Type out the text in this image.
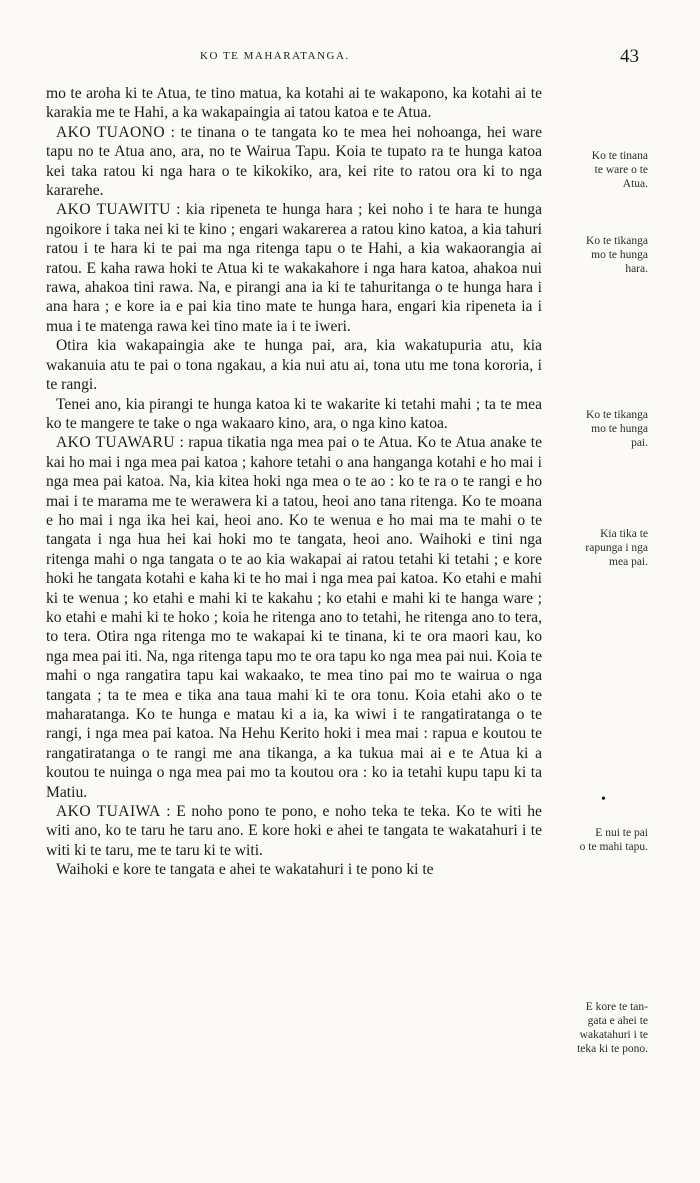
KO TE MAHARATANGA.	43

mo te aroha ki te Atua, te tino matua, ka kotahi ai te wakapono, ka kotahi ai te karakia me te Hahi, a ka wakapaingia ai tatou katoa e te Atua.

AKO TUAONO : te tinana o te tangata ko te mea hei nohoanga, hei ware tapu no te Atua ano, ara, no te Wairua Tapu. Koia te tupato ra te hunga katoa kei taka ratou ki nga hara o te kikokiko, ara, kei rite to ratou ora ki to nga kararehe.

AKO TUAWITU : kia ripeneta te hunga hara ; kei noho i te hara te hunga ngoikore i taka nei ki te kino ; engari wakarerea a ratou kino katoa, a kia tahuri ratou i te hara ki te pai ma nga ritenga tapu o te Hahi, a kia wakaorangia ai ratou. E kaha rawa hoki te Atua ki te wakakahore i nga hara katoa, ahakoa nui rawa, ahakoa tini rawa. Na, e pirangi ana ia ki te tahuritanga o te hunga hara i ana hara ; e kore ia e pai kia tino mate te hunga hara, engari kia ripeneta ia i mua i te matenga rawa kei tino mate ia i te iweri.

Otira kia wakapaingia ake te hunga pai, ara, kia wakatupuria atu, kia wakanuia atu te pai o tona ngakau, a kia nui atu ai, tona utu me tona kororia, i te rangi.

Tenei ano, kia pirangi te hunga katoa ki te wakarite ki tetahi mahi ; ta te mea ko te mangere te take o nga wakaaro kino, ara, o nga kino katoa.

AKO TUAWARU : rapua tikatia nga mea pai o te Atua. Ko te Atua anake te kai ho mai i nga mea pai katoa ; kahore tetahi o ana hanganga kotahi e ho mai i nga mea pai katoa. Na, kia kitea hoki nga mea o te ao : ko te ra o te rangi e ho mai i te marama me te werawera ki a tatou, heoi ano tana ritenga. Ko te moana e ho mai i nga ika hei kai, heoi ano. Ko te wenua e ho mai ma te mahi o te tangata i nga hua hei kai hoki mo te tangata, heoi ano. Waihoki e tini nga ritenga mahi o nga tangata o te ao kia wakapai ai ratou tetahi ki tetahi ; e kore hoki he tangata kotahi e kaha ki te ho mai i nga mea pai katoa. Ko etahi e mahi ki te wenua ; ko etahi e mahi ki te kakahu ; ko etahi e mahi ki te hanga ware ; ko etahi e mahi ki te hoko ; koia he ritenga ano to tetahi, he ritenga ano to tera, to tera. Otira nga ritenga mo te wakapai ki te tinana, ki te ora maori kau, ko nga mea pai iti. Na, nga ritenga tapu mo te ora tapu ko nga mea pai nui. Koia te mahi o nga rangatira tapu kai wakaako, te mea tino pai mo te wairua o nga tangata ; ta te mea e tika ana taua mahi ki te ora tonu. Koia etahi ako o te maharatanga. Ko te hunga e matau ki a ia, ka wiwi i te rangatiratanga o te rangi, i nga mea pai katoa. Na Hehu Kerito hoki i mea mai : rapua e koutou te rangatiratanga o te rangi me ana tikanga, a ka tukua mai ai e te Atua ki a koutou te nuinga o nga mea pai mo ta koutou ora : ko ia tetahi kupu tapu ki ta Matiu.

AKO TUAIWA : E noho pono te pono, e noho teka te teka. Ko te witi he witi ano, ko te taru he taru ano. E kore hoki e ahei te tangata te wakatahuri i te witi ki te taru, me te taru ki te witi.

Waihoki e kore te tangata e ahei te wakatahuri i te pono ki te

Ko te tinana
te ware o te
Atua.
Ko te tikanga
mo te hunga
hara.
Ko te tikanga
mo te hunga
pai.
Kia tika te
rapunga i nga
mea pai.
E nui te pai
o te mahi tapu.
E kore te tan-
gata e ahei te
wakatahuri i te
teka ki te pono.
•
